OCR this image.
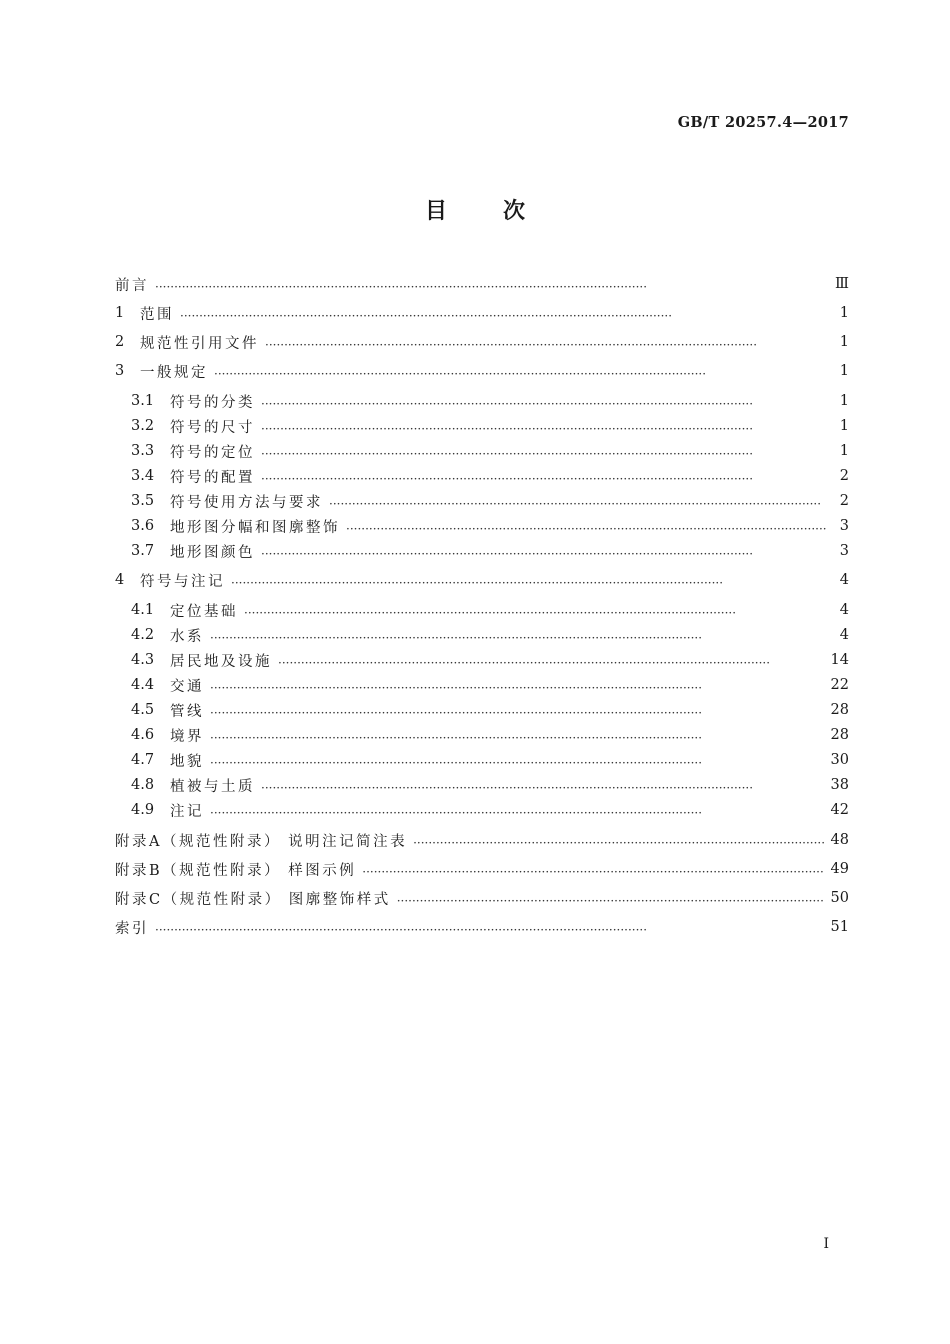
GB/T 20257.4—2017
目次
前言 ·····	Ⅲ
1	范围 ·····	1
2	规范性引用文件 ·····	1
3	一般规定 ·····	1
3.1	符号的分类 ·····	1
3.2	符号的尺寸 ·····	1
3.3	符号的定位 ·····	1
3.4	符号的配置 ·····	2
3.5	符号使用方法与要求 ·····	2
3.6	地形图分幅和图廓整饰 ·····	3
3.7	地形图颜色 ·····	3
4	符号与注记 ·····	4
4.1	定位基础 ·····	4
4.2	水系 ·····	4
4.3	居民地及设施 ·····	14
4.4	交通 ·····	22
4.5	管线 ·····	28
4.6	境界 ·····	28
4.7	地貌 ·····	30
4.8	植被与土质 ·····	38
4.9	注记 ·····	42
附录A（规范性附录） 说明注记简注表 ·····	48
附录B（规范性附录） 样图示例 ·····	49
附录C（规范性附录） 图廓整饰样式 ·····	50
索引 ·····	51
I
